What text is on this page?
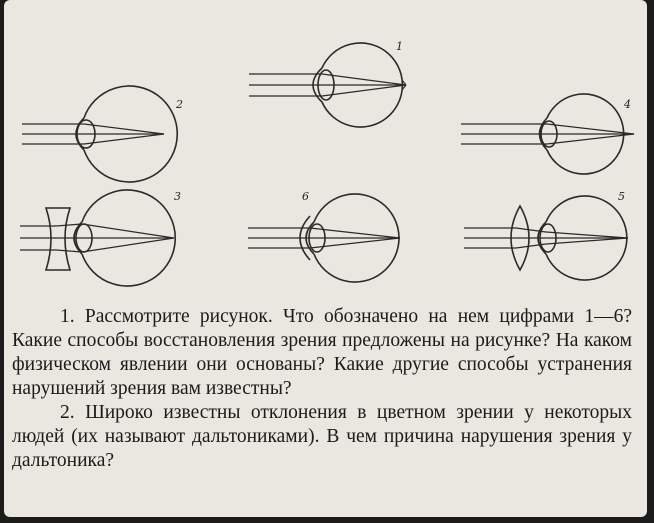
1
2	4
3	6	5

1. Рассмотрите рисунок. Что обозначено на нем цифрами 1—6? Какие способы восстановления зрения предложены на рисунке? На каком физическом явлении они основаны? Какие другие способы устранения нарушений зрения вам известны?

2. Широко известны отклонения в цветном зрении у некоторых людей (их называют дальтониками). В чем причина нарушения зрения у дальтоника?
